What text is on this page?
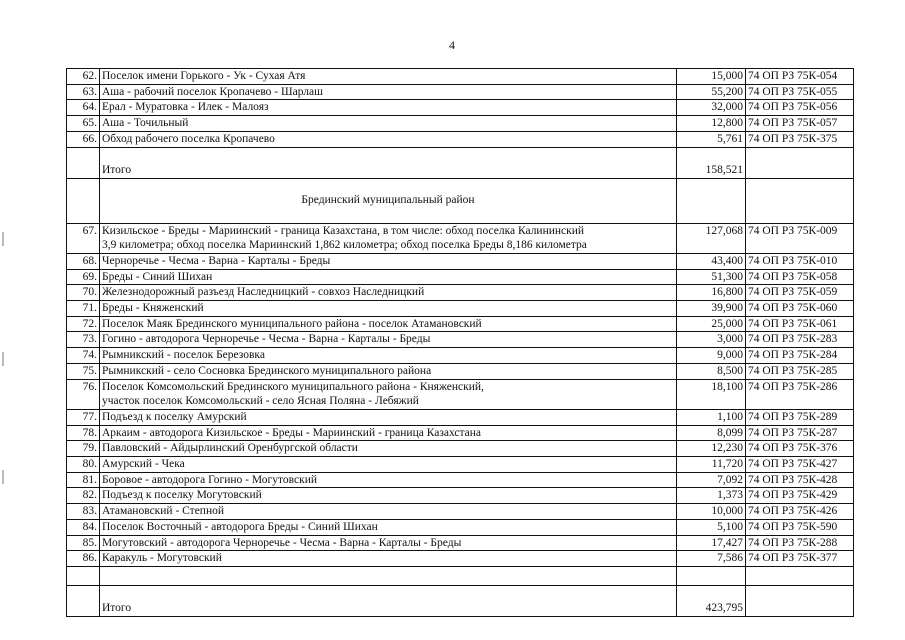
4
62.	Поселок имени Горького - Ук - Сухая Атя	15,000	74 ОП РЗ 75К-054
63.	Аша - рабочий поселок Кропачево - Шарлаш	55,200	74 ОП РЗ 75К-055
64.	Ерал - Муратовка - Илек - Малояз	32,000	74 ОП РЗ 75К-056
65.	Аша - Точильный	12,800	74 ОП РЗ 75К-057
66.	Обход рабочего поселка Кропачево	5,761	74 ОП РЗ 75К-375
	Итого	158,521	
	Брединский муниципальный район		
67.	Кизильское - Бреды - Мариинский - граница Казахстана, в том числе: обход поселка Калининский
3,9 километра; обход поселка Мариинский 1,862 километра; обход поселка Бреды 8,186 километра	127,068	74 ОП РЗ 75К-009
68.	Черноречье - Чесма - Варна - Карталы - Бреды	43,400	74 ОП РЗ 75К-010
69.	Бреды - Синий Шихан	51,300	74 ОП РЗ 75К-058
70.	Железнодорожный разъезд Наследницкий - совхоз Наследницкий	16,800	74 ОП РЗ 75К-059
71.	Бреды - Княженский	39,900	74 ОП РЗ 75К-060
72.	Поселок Маяк Брединского муниципального района - поселок Атамановский	25,000	74 ОП РЗ 75К-061
73.	Гогино - автодорога Черноречье - Чесма - Варна - Карталы - Бреды	3,000	74 ОП РЗ 75К-283
74.	Рымникский - поселок Березовка	9,000	74 ОП РЗ 75К-284
75.	Рымникский - село Сосновка Брединского муниципального района	8,500	74 ОП РЗ 75К-285
76.	Поселок Комсомольский Брединского муниципального района - Княженский,
участок поселок Комсомольский - село Ясная Поляна - Лебяжий	18,100	74 ОП РЗ 75К-286
77.	Подъезд к поселку Амурский	1,100	74 ОП РЗ 75К-289
78.	Аркаим - автодорога Кизильское - Бреды - Мариинский - граница Казахстана	8,099	74 ОП РЗ 75К-287
79.	Павловский - Айдырлинский Оренбургской области	12,230	74 ОП РЗ 75К-376
80.	Амурский - Чека	11,720	74 ОП РЗ 75К-427
81.	Боровое - автодорога Гогино - Могутовский	7,092	74 ОП РЗ 75К-428
82.	Подъезд к поселку Могутовский	1,373	74 ОП РЗ 75К-429
83.	Атамановский - Степной	10,000	74 ОП РЗ 75К-426
84.	Поселок Восточный - автодорога Бреды - Синий Шихан	5,100	74 ОП РЗ 75К-590
85.	Могутовский - автодорога Черноречье - Чесма - Варна - Карталы - Бреды	17,427	74 ОП РЗ 75К-288
86.	Каракуль - Могутовский	7,586	74 ОП РЗ 75К-377

	Итого	423,795	
